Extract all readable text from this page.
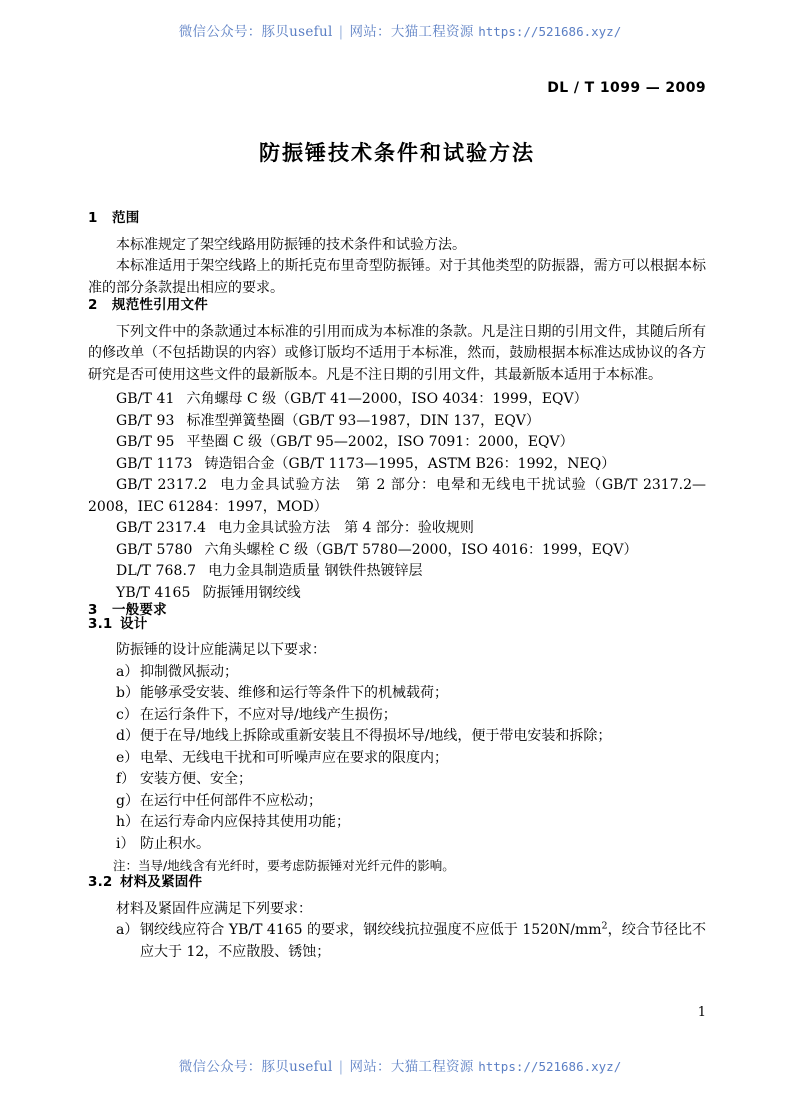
微信公众号：豚贝useful | 网站：大猫工程资源 https://521686.xyz/
DL / T 1099 — 2009
防振锤技术条件和试验方法
1 范围

本标准规定了架空线路用防振锤的技术条件和试验方法。

本标准适用于架空线路上的斯托克布里奇型防振锤。对于其他类型的防振器，需方可以根据本标准的部分条款提出相应的要求。

2 规范性引用文件

下列文件中的条款通过本标准的引用而成为本标准的条款。凡是注日期的引用文件，其随后所有的修改单（不包括勘误的内容）或修订版均不适用于本标准，然而，鼓励根据本标准达成协议的各方研究是否可使用这些文件的最新版本。凡是不注日期的引用文件，其最新版本适用于本标准。

GB/T 41 六角螺母 C 级（GB/T 41—2000，ISO 4034：1999，EQV）

GB/T 93 标准型弹簧垫圈（GB/T 93—1987，DIN 137，EQV）

GB/T 95 平垫圈 C 级（GB/T 95—2002，ISO 7091：2000，EQV）

GB/T 1173 铸造铝合金（GB/T 1173—1995，ASTM B26：1992，NEQ）

GB/T 2317.2 电力金具试验方法　第 2 部分：电晕和无线电干扰试验（GB/T 2317.2—2008，IEC 61284：1997，MOD）

GB/T 2317.4 电力金具试验方法　第 4 部分：验收规则

GB/T 5780 六角头螺栓 C 级（GB/T 5780—2000，ISO 4016：1999，EQV）

DL/T 768.7 电力金具制造质量 钢铁件热镀锌层

YB/T 4165 防振锤用钢绞线

3 一般要求
3.1 设计

防振锤的设计应能满足以下要求：

a） 抑制微风振动；
b） 能够承受安装、维修和运行等条件下的机械载荷；
c） 在运行条件下，不应对导/地线产生损伤；
d） 便于在导/地线上拆除或重新安装且不得损坏导/地线，便于带电安装和拆除；
e） 电晕、无线电干扰和可听噪声应在要求的限度内；
f） 安装方便、安全；
g） 在运行中任何部件不应松动；
h） 在运行寿命内应保持其使用功能；
i） 防止积水。

注：当导/地线含有光纤时，要考虑防振锤对光纤元件的影响。

3.2 材料及紧固件

材料及紧固件应满足下列要求：

a） 钢绞线应符合 YB/T 4165 的要求，钢绞线抗拉强度不应低于 $1520N/mm^2$，绞合节径比不应大于 12，不应散股、锈蚀；
1
微信公众号：豚贝useful | 网站：大猫工程资源 https://521686.xyz/
